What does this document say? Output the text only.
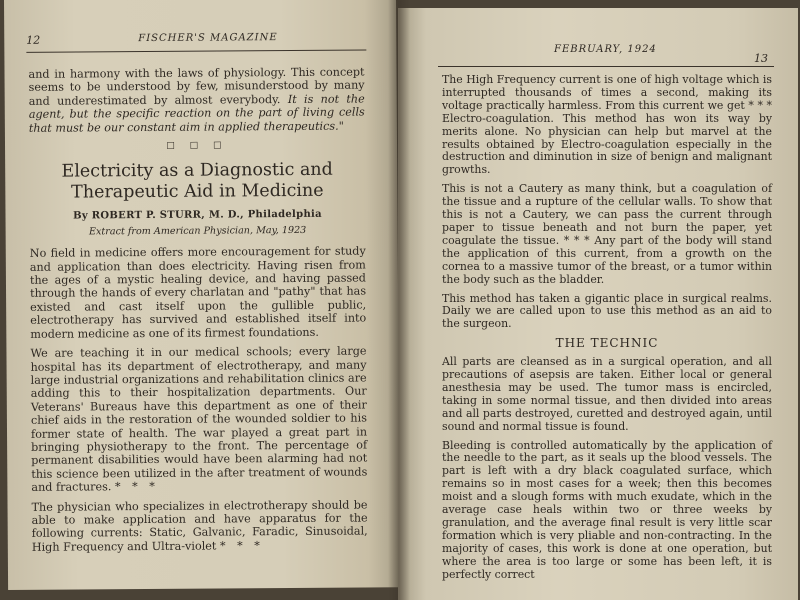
12	FISCHER'S MAGAZINE

and in harmony with the laws of physiology. This concept seems to be understood by few, misunderstood by many and underestimated by almost everybody. It is not the agent, but the specific reaction on the part of living cells that must be our constant aim in applied therapeutics."

□ □ □
Electricity as a Diagnostic and Therapeutic Aid in Medicine
By ROBERT P. STURR, M. D., Philadelphia
Extract from American Physician, May, 1923

No field in medicine offers more encouragement for study and application than does electricity. Having risen from the ages of a mystic healing device, and having passed through the hands of every charlatan and "pathy" that has existed and cast itself upon the gullible public, electrotherapy has survived and established itself into modern medicine as one of its firmest foundations.

We are teaching it in our medical schools; every large hospital has its department of electrotherapy, and many large industrial organizations and rehabilitation clinics are adding this to their hospitalization departments. Our Veterans' Bureaus have this department as one of their chief aids in the restoration of the wounded soldier to his former state of health. The war played a great part in bringing physiotherapy to the front. The percentage of permanent disabilities would have been alarming had not this science been utilized in the after treatment of wounds and fractures. * * *

The physician who specializes in electrotherapy should be able to make application and have apparatus for the following currents: Static, Galvanic, Faradic, Sinusoidal, High Frequency and Ultra-violet * * *

FEBRUARY, 1924
13

The High Frequency current is one of high voltage which is interrupted thousands of times a second, making its voltage practically harmless. From this current we get * * * Electro-coagulation. This method has won its way by merits alone. No physician can help but marvel at the results obtained by Electro-coagulation especially in the destruction and diminution in size of benign and malignant growths.

This is not a Cautery as many think, but a coagulation of the tissue and a rupture of the cellular walls. To show that this is not a Cautery, we can pass the current through paper to tissue beneath and not burn the paper, yet coagulate the tissue. * * * Any part of the body will stand the application of this current, from a growth on the cornea to a massive tumor of the breast, or a tumor within the body such as the bladder.

This method has taken a gigantic place in surgical realms. Daily we are called upon to use this method as an aid to the surgeon.

THE TECHNIC

All parts are cleansed as in a surgical operation, and all precautions of asepsis are taken. Either local or general anesthesia may be used. The tumor mass is encircled, taking in some normal tissue, and then divided into areas and all parts destroyed, curetted and destroyed again, until sound and normal tissue is found.

Bleeding is controlled automatically by the application of the needle to the part, as it seals up the blood vessels. The part is left with a dry black coagulated surface, which remains so in most cases for a week; then this becomes moist and a slough forms with much exudate, which in the average case heals within two or three weeks by granulation, and the average final result is very little scar formation which is very pliable and non-contracting. In the majority of cases, this work is done at one operation, but where the area is too large or some has been left, it is perfectly correct
